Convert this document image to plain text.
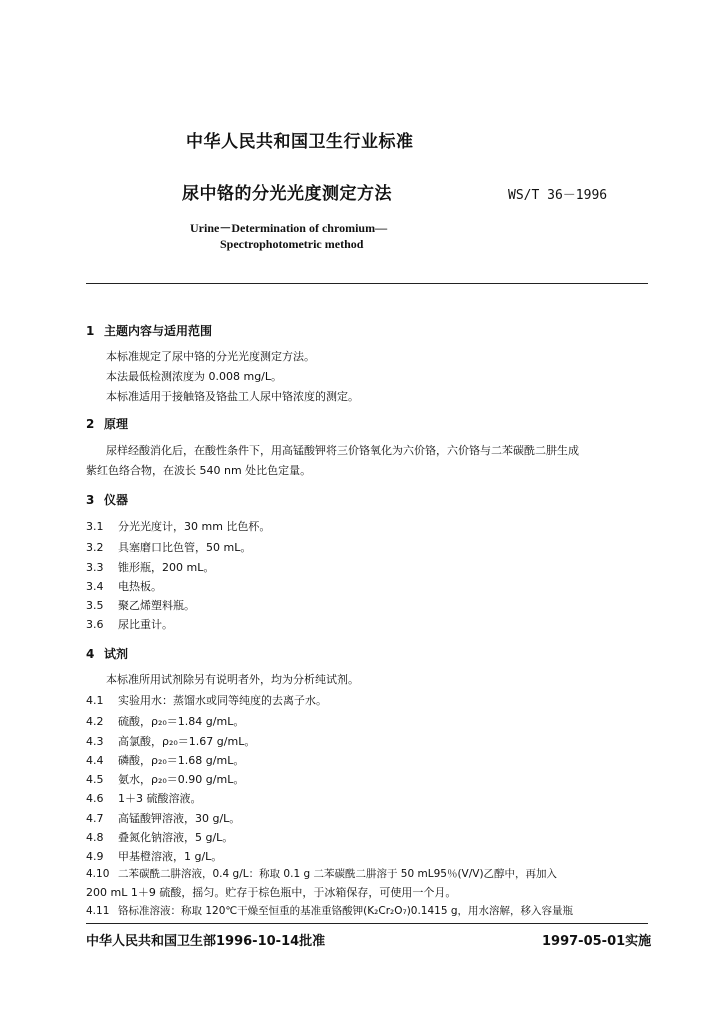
中华人民共和国卫生行业标准
尿中铬的分光光度测定方法	WS/T 36－1996
Urine－Determination of chromium—
Spectrophotometric method
1 主题内容与适用范围
本标准规定了尿中铬的分光光度测定方法。
本法最低检测浓度为 0.008 mg/L。
本标准适用于接触铬及铬盐工人尿中铬浓度的测定。
2 原理
尿样经酸消化后，在酸性条件下，用高锰酸钾将三价铬氧化为六价铬，六价铬与二苯碳酰二肼生成
紫红色络合物，在波长 540 nm 处比色定量。
3 仪器
3.1 分光光度计，30 mm 比色杯。
3.2 具塞磨口比色管，50 mL。
3.3 锥形瓶，200 mL。
3.4 电热板。
3.5 聚乙烯塑料瓶。
3.6 尿比重计。
4 试剂
本标准所用试剂除另有说明者外，均为分析纯试剂。
4.1 实验用水：蒸馏水或同等纯度的去离子水。
4.2 硫酸，ρ₂₀＝1.84 g/mL。
4.3 高氯酸，ρ₂₀＝1.67 g/mL。
4.4 磷酸，ρ₂₀＝1.68 g/mL。
4.5 氨水，ρ₂₀＝0.90 g/mL。
4.6 1＋3 硫酸溶液。
4.7 高锰酸钾溶液，30 g/L。
4.8 叠氮化钠溶液，5 g/L。
4.9 甲基橙溶液，1 g/L。
4.10 二苯碳酰二肼溶液，0.4 g/L：称取 0.1 g 二苯碳酰二肼溶于 50 mL95％(V/V)乙醇中，再加入
200 mL 1＋9 硫酸，摇匀。贮存于棕色瓶中，于冰箱保存，可使用一个月。
4.11 铬标准溶液：称取 120℃干燥至恒重的基准重铬酸钾(K₂Cr₂O₇)0.1415 g，用水溶解，移入容量瓶
中华人民共和国卫生部1996-10-14批准	1997-05-01实施
